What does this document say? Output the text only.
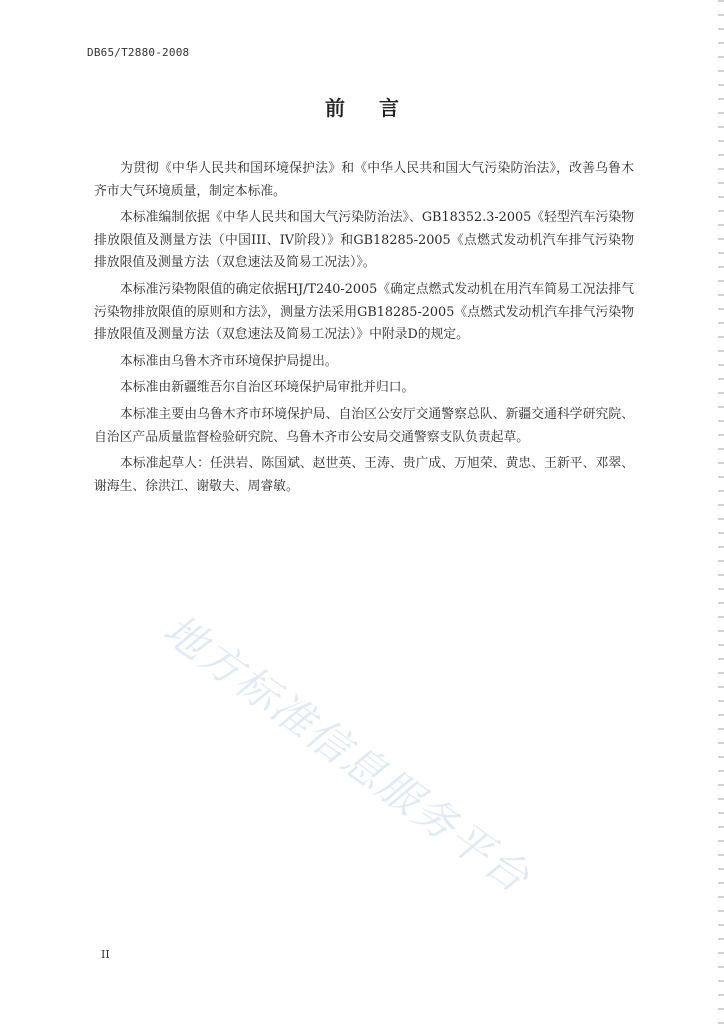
DB65/T2880-2008
前 言

为贯彻《中华人民共和国环境保护法》和《中华人民共和国大气污染防治法》，改善乌鲁木齐市大气环境质量，制定本标准。

本标准编制依据《中华人民共和国大气污染防治法》、GB18352.3-2005《轻型汽车污染物排放限值及测量方法（中国III、IV阶段）》和GB18285-2005《点燃式发动机汽车排气污染物排放限值及测量方法（双怠速法及简易工况法）》。

本标准污染物限值的确定依据HJ/T240-2005《确定点燃式发动机在用汽车简易工况法排气污染物排放限值的原则和方法》，测量方法采用GB18285-2005《点燃式发动机汽车排气污染物排放限值及测量方法（双怠速法及简易工况法）》中附录D的规定。

本标准由乌鲁木齐市环境保护局提出。

本标准由新疆维吾尔自治区环境保护局审批并归口。

本标准主要由乌鲁木齐市环境保护局、自治区公安厅交通警察总队、新疆交通科学研究院、自治区产品质量监督检验研究院、乌鲁木齐市公安局交通警察支队负责起草。

本标准起草人：任洪岩、陈国斌、赵世英、王涛、贵广成、万旭荣、黄忠、王新平、邓翠、谢海生、徐洪江、谢敬夫、周睿敏。

地方标准信息服务平台
II
